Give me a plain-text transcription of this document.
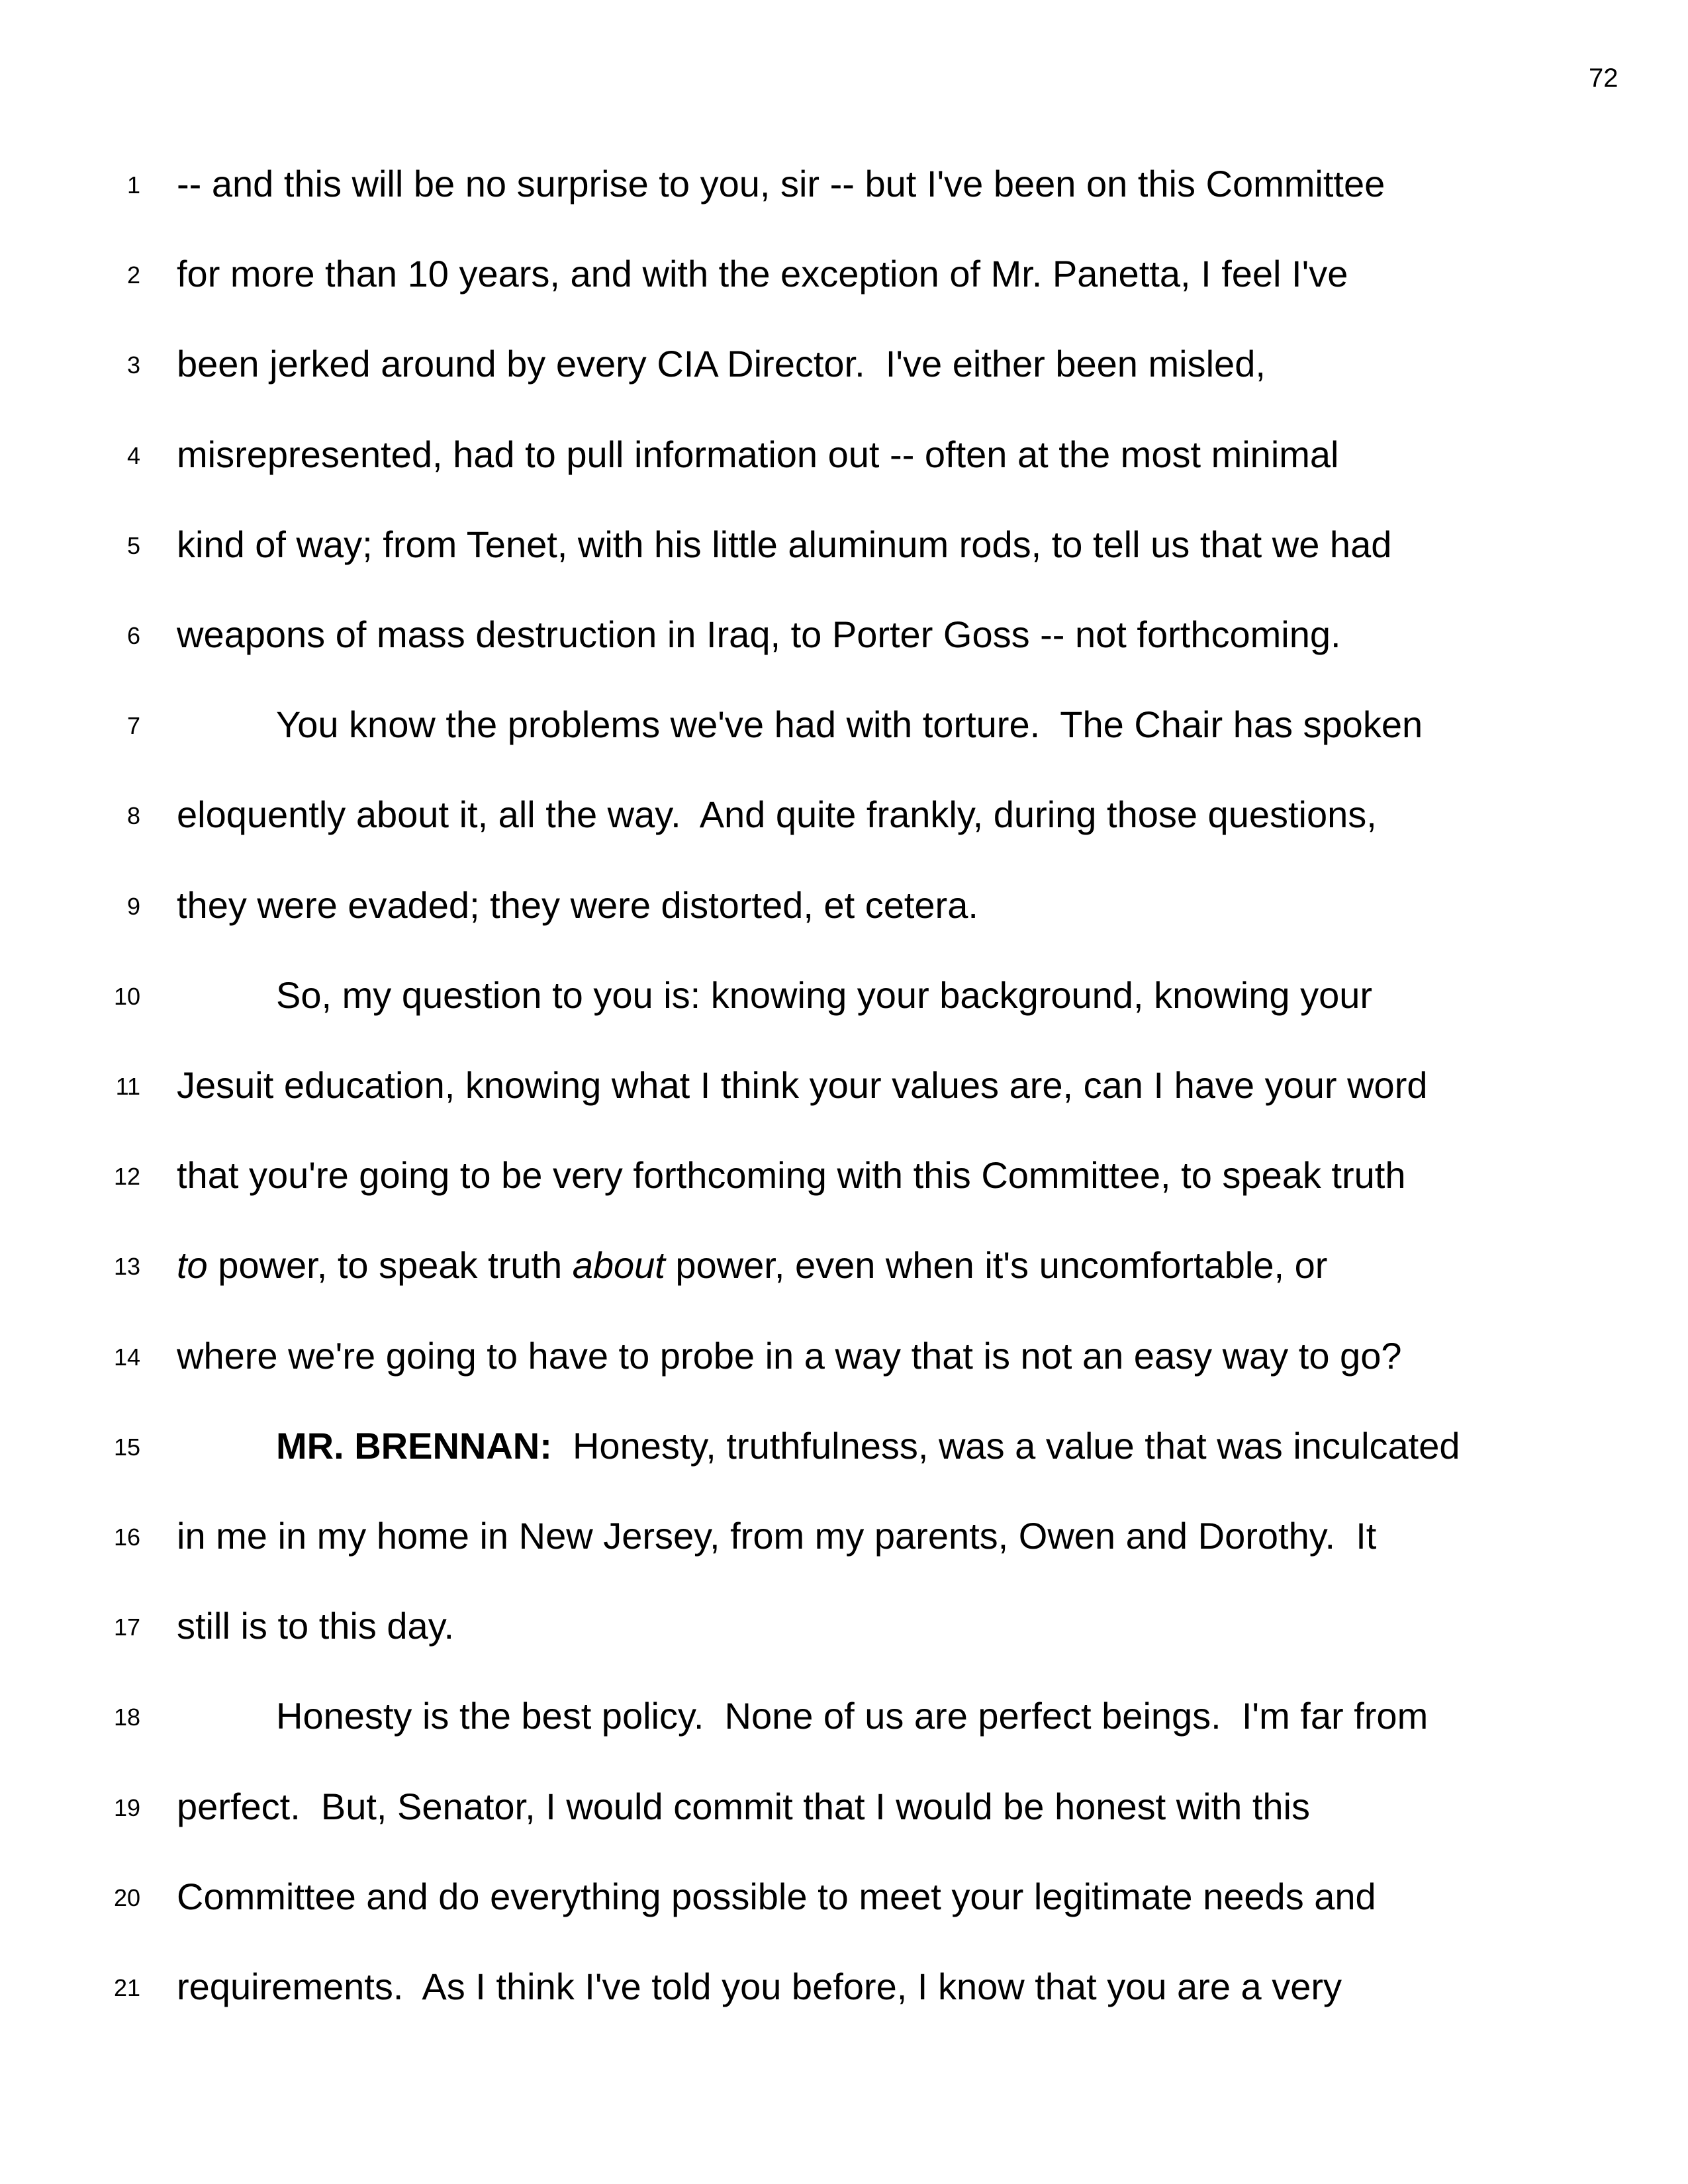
72
1 -- and this will be no surprise to you, sir -- but I've been on this Committee
2 for more than 10 years, and with the exception of Mr. Panetta, I feel I've
3 been jerked around by every CIA Director.  I've either been misled,
4 misrepresented, had to pull information out -- often at the most minimal
5 kind of way; from Tenet, with his little aluminum rods, to tell us that we had
6 weapons of mass destruction in Iraq, to Porter Goss -- not forthcoming.
7	You know the problems we've had with torture.  The Chair has spoken
8 eloquently about it, all the way.  And quite frankly, during those questions,
9 they were evaded; they were distorted, et cetera.
10	So, my question to you is: knowing your background, knowing your
11 Jesuit education, knowing what I think your values are, can I have your word
12 that you're going to be very forthcoming with this Committee, to speak truth
13 to power, to speak truth about power, even when it's uncomfortable, or
14 where we're going to have to probe in a way that is not an easy way to go?
15	MR. BRENNAN:  Honesty, truthfulness, was a value that was inculcated
16 in me in my home in New Jersey, from my parents, Owen and Dorothy.  It
17 still is to this day.
18	Honesty is the best policy.  None of us are perfect beings.  I'm far from
19 perfect.  But, Senator, I would commit that I would be honest with this
20 Committee and do everything possible to meet your legitimate needs and
21 requirements.  As I think I've told you before, I know that you are a very
